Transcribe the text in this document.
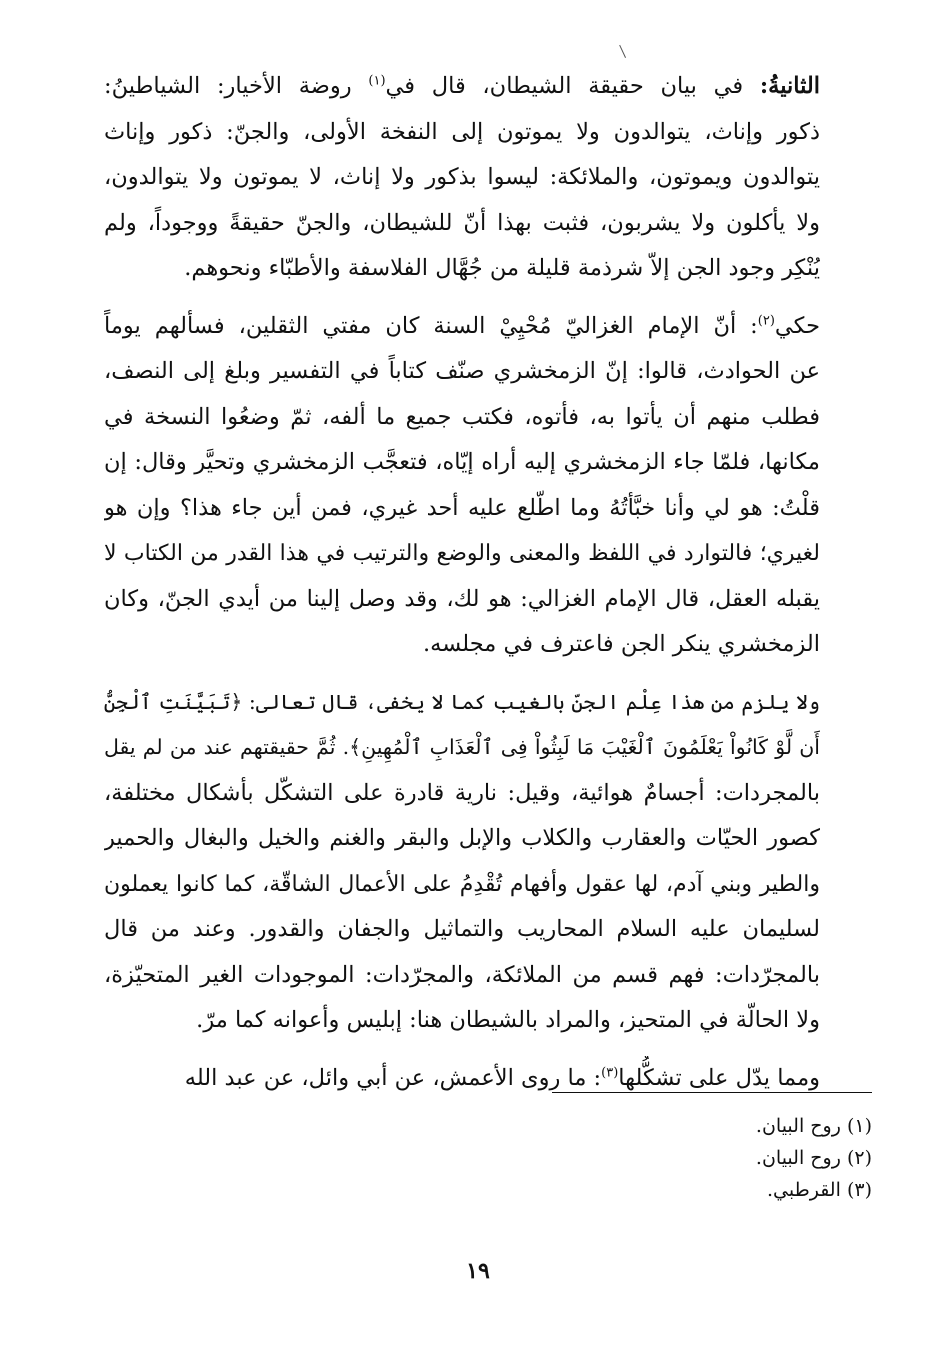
الثانيةُ: في بيان حقيقة الشيطان، قال في$^{(١)}$ روضة الأخيار: الشياطينُ:
ذكور وإناث، يتوالدون ولا يموتون إلى النفخة الأولى، والجنّ: ذكور وإناث
يتوالدون ويموتون، والملائكة: ليسوا بذكور ولا إناث، لا يموتون ولا يتوالدون،
ولا يأكلون ولا يشربون، فثبت بهذا أنّ للشيطان، والجنّ حقيقةً ووجوداً، ولم
يُنْكِر وجود الجن إلاّ شرذمة قليلة من جُهَّال الفلاسفة والأطبّاء ونحوهم.
حكي$^{(٢)}$: أنّ الإمام الغزاليّ مُحْيِيْ السنة كان مفتي الثقلين، فسألهم يوماً
عن الحوادث، قالوا: إنّ الزمخشري صنّف كتاباً في التفسير وبلغ إلى النصف،
فطلب منهم أن يأتوا به، فأتوه، فكتب جميع ما ألفه، ثمّ وضعُوا النسخة في
مكانها، فلمّا جاء الزمخشري إليه أراه إيّاه، فتعجَّب الزمخشري وتحيَّر وقال: إن
قلْتُ: هو لي وأنا خبَّأتُهُ وما اطّلع عليه أحد غيري، فمن أين جاء هذا؟ وإن هو
لغيري؛ فالتوارد في اللفظ والمعنى والوضع والترتيب في هذا القدر من الكتاب لا
يقبله العقل، قال الإمام الغزالي: هو لك، وقد وصل إلينا من أيدي الجنّ، وكان
الزمخشري ينكر الجن فاعترف في مجلسه.
ولا يلزم من هذا عِلْم الجنّ بالغيب كما لا يخفى، قال تعالى: ﴿تَبَيَّنَتِ ٱلْجِنُّ
أَن لَّوْ كَانُواْ يَعْلَمُونَ ٱلْغَيْبَ مَا لَبِثُواْ فِى ٱلْعَذَابِ ٱلْمُهِينِ﴾. ثُمَّ حقيقتهم عند من لم يقل
بالمجردات: أجسامٌ هوائية، وقيل: نارية قادرة على التشكّل بأشكال مختلفة،
كصور الحيّات والعقارب والكلاب والإبل والبقر والغنم والخيل والبغال والحمير
والطير وبني آدم، لها عقول وأفهام تُقْدِمُ على الأعمال الشاقّة، كما كانوا يعملون
لسليمان عليه السلام المحاريب والتماثيل والجفان والقدور. وعند من قال
بالمجرّدات: فهم قسم من الملائكة، والمجرّدات: الموجودات الغير المتحيّزة،
ولا الحالّة في المتحيز، والمراد بالشيطان هنا: إبليس وأعوانه كما مرّ.
ومما يدّل على تشكُّلها$^{(٣)}$: ما روى الأعمش، عن أبي وائل، عن عبد الله
(١) روح البيان.
(٢) روح البيان.
(٣) القرطبي.
١٩
